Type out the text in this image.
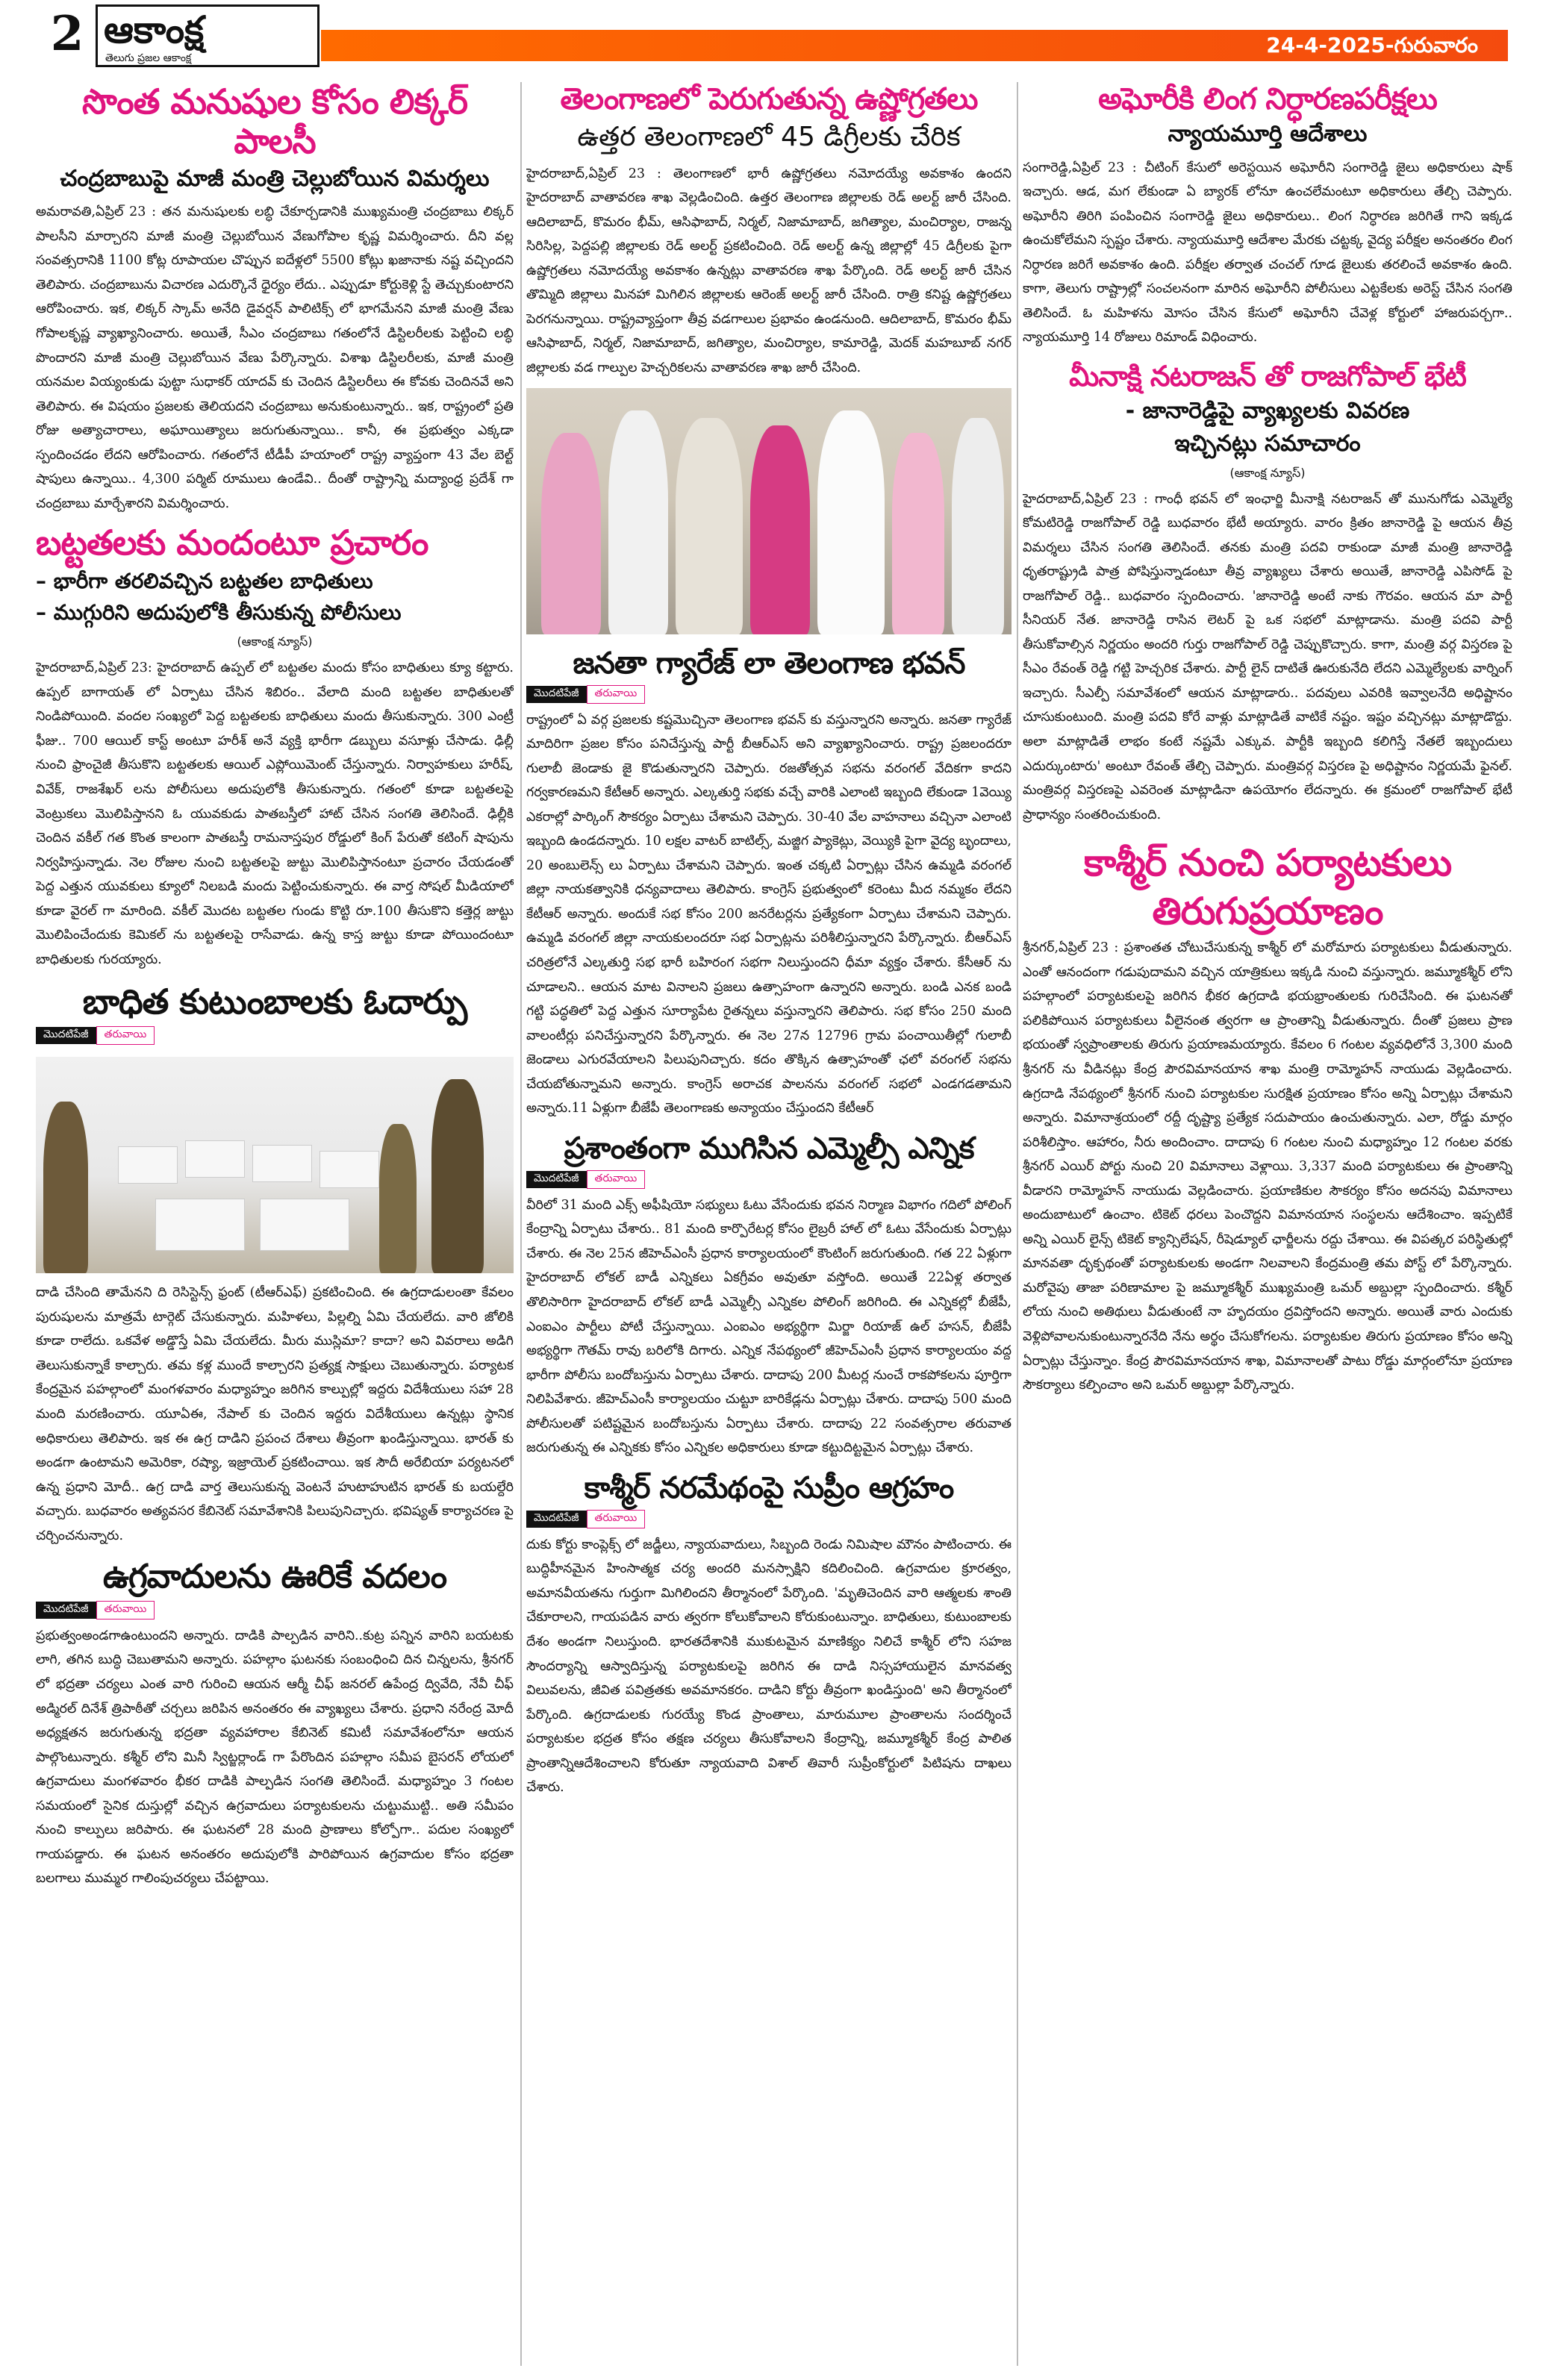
2 ఆకాంక్ష
తెలుగు ప్రజల ఆకాంక్ష
24-4-2025-గురువారం
సొంత మనుషుల కోసం లిక్కర్ పాలసీ
చంద్రబాబుపై మాజీ మంత్రి చెల్లుబోయిన విమర్శలు

అమరావతి,ఏప్రిల్ 23 : తన మనుషులకు లబ్ధి చేకూర్చడానికి ముఖ్యమంత్రి చంద్రబాబు లిక్కర్ పాలసీని మార్చారని మాజీ మంత్రి చెల్లుబోయిన వేణుగోపాల కృష్ణ విమర్శించారు. దీని వల్ల సంవత్సరానికి 1100 కోట్ల రూపాయల చొప్పున ఐదేళ్లలో 5500 కోట్లు ఖజానాకు నష్ట వచ్చిందని తెలిపారు. చంద్రబాబును విచారణ ఎదుర్కొనే ధైర్యం లేదు.. ఎప్పుడూ కోర్టుకెళ్లి స్టే తెచ్చుకుంటారని ఆరోపించారు. ఇక, లిక్కర్ స్కామ్ అనేది డైవర్షన్ పాలిటిక్స్ లో భాగమేనని మాజీ మంత్రి వేణు గోపాలకృష్ణ వ్యాఖ్యానించారు. అయితే, సీఎం చంద్రబాబు గతంలోనే డిస్టిలరీలకు పెట్టించి లబ్ధి పొందారని మాజీ మంత్రి చెల్లుబోయిన వేణు పేర్కొన్నారు. విశాఖ డిస్టిలరీలకు, మాజీ మంత్రి యనమల వియ్యంకుడు పుట్టా సుధాకర్ యాదవ్ కు చెందిన డిస్టిలరీలు ఈ కోవకు చెందినవే అని తెలిపారు. ఈ విషయం ప్రజలకు తెలియదని చంద్రబాబు అనుకుంటున్నారు.. ఇక, రాష్ట్రంలో ప్రతి రోజు అత్యాచారాలు, అఘాయిత్యాలు జరుగుతున్నాయి.. కానీ, ఈ ప్రభుత్వం ఎక్కడా స్పందించడం లేదని ఆరోపించారు. గతంలోనే టీడీపీ హయాంలో రాష్ట్ర వ్యాప్తంగా 43 వేల బెల్ట్ షాపులు ఉన్నాయి.. 4,300 పర్మిట్ రూములు ఉండేవి.. దీంతో రాష్ట్రాన్ని మద్యాంధ్ర ప్రదేశ్ గా చంద్రబాబు మార్చేశారని విమర్శించారు.

బట్టతలకు మందంటూ ప్రచారం
– భారీగా తరలివచ్చిన బట్టతల బాధితులు
– ముగ్గురిని అదుపులోకి తీసుకున్న పోలీసులు
(ఆకాంక్ష న్యూస్)

హైదరాబాద్,ఏప్రిల్ 23: హైదరాబాద్ ఉప్పల్ లో బట్టతల మందు కోసం బాధితులు క్యూ కట్టారు. ఉప్పల్ బాగాయత్ లో ఏర్పాటు చేసిన శిబిరం.. వేలాది మంది బట్టతల బాధితులతో నిండిపోయింది. వందల సంఖ్యలో పెద్ద బట్టతలకు బాధితులు మందు తీసుకున్నారు. 300 ఎంట్రీ ఫీజు.. 700 ఆయిల్ కాస్ట్ అంటూ హరీశ్ అనే వ్యక్తి భారీగా డబ్బులు వసూళ్లు చేసాడు. ఢిల్లీ నుంచి ఫ్రాంచైజీ తీసుకొని బట్టతలకు ఆయిల్ ఎప్లోయిమెంట్ చేస్తున్నారు. నిర్వాహకులు హరీష్, వివేక్, రాజశేఖర్ లను పోలీసులు అదుపులోకి తీసుకున్నారు. గతంలో కూడా బట్టతలపై వెంట్రుకలు మొలిపిస్తానని ఓ యువకుడు పాతబస్తీలో హాట్ చేసిన సంగతి తెలిసిందే. ఢిల్లీకి చెందిన వకీల్ గత కొంత కాలంగా పాతబస్తీ రామనాస్తపుర రోడ్డులో కింగ్ పేరుతో కటింగ్ షాపును నిర్వహిస్తున్నాడు. నెల రోజుల నుంచి బట్టతలపై జుట్టు మొలిపిస్తానంటూ ప్రచారం చేయడంతో పెద్ద ఎత్తున యువకులు క్యూలో నిలబడి మందు పెట్టించుకున్నారు. ఈ వార్త సోషల్ మీడియాలో కూడా వైరల్ గా మారింది. వకీల్ మొదట బట్టతల గుండు కొట్టి రూ.100 తీసుకొని కత్తెర్ల జుట్టు మొలిపించేందుకు కెమికల్ ను బట్టతలపై రాసేవాడు. ఉన్న కాస్త జుట్టు కూడా పోయిందంటూ బాధితులకు గురయ్యారు.

బాధిత కుటుంబాలకు ఓదార్పు
మొదటిపేజీ తరువాయి

దాడి చేసింది తామేనని ది రెసిస్టెన్స్ ఫ్రంట్ (టీఆర్ఎఫ్) ప్రకటించింది. ఈ ఉగ్రదాడులంతా కేవలం పురుషులను మాత్రమే టార్గెట్ చేసుకున్నారు. మహిళలు, పిల్లల్ని ఏమి చేయలేదు. వారి జోలికి కూడా రాలేదు. ఒకవేళ అడ్డొస్తే ఏమి చేయలేదు. మీరు ముస్లిమా? కాదా? అని వివరాలు అడిగి తెలుసుకున్నాకే కాల్చారు. తమ కళ్ల ముందే కాల్చారని ప్రత్యక్ష సాక్షులు చెబుతున్నారు. పర్యాటక కేంద్రమైన పహల్గాంలో మంగళవారం మధ్యాహ్నం జరిగిన కాల్పుల్లో ఇద్దరు విదేశీయులు సహా 28 మంది మరణించారు. యూఏఈ, నేపాల్ కు చెందిన ఇద్దరు విదేశీయులు ఉన్నట్లు స్థానిక అధికారులు తెలిపారు. ఇక ఈ ఉగ్ర దాడిని ప్రపంచ దేశాలు తీవ్రంగా ఖండిస్తున్నాయి. భారత్ కు అండగా ఉంటామని అమెరికా, రష్యా, ఇజ్రాయెల్ ప్రకటించాయి. ఇక సౌదీ అరేబియా పర్యటనలో ఉన్న ప్రధాని మోదీ.. ఉగ్ర దాడి వార్త తెలుసుకున్న వెంటనే హుటాహుటిన భారత్ కు బయల్దేరి వచ్చారు. బుధవారం అత్యవసర కేబినెట్ సమావేశానికి పిలుపునిచ్చారు. భవిష్యత్ కార్యాచరణ పై చర్చించనున్నారు.

ఉగ్రవాదులను ఊరికే వదలం
మొదటిపేజీ తరువాయి

ప్రభుత్వంఅండగాఉంటుందని అన్నారు. దాడికి పాల్పడిన వారిని..కుట్ర పన్నిన వారిని బయటకు లాగి, తగిన బుద్ధి చెబుతామని అన్నారు. పహల్గాం ఘటనకు సంబంధించి దిన చిన్నలను, శ్రీనగర్ లో భద్రతా చర్యలు ఎంత వారి గురించి ఆయన ఆర్మీ చీఫ్ జనరల్ ఉపేంద్ర ద్వివేది, నేవీ చీఫ్ అడ్మిరల్ దినేశ్ త్రిపాఠీతో చర్చలు జరిపిన అనంతరం ఈ వ్యాఖ్యలు చేశారు. ప్రధాని నరేంద్ర మోదీ అధ్యక్షతన జరుగుతున్న భద్రతా వ్యవహారాల కేబినెట్ కమిటీ సమావేశంలోనూ ఆయన పాల్గొంటున్నారు. కశ్మీర్ లోని మినీ స్విట్జర్లాండ్ గా పేరొందిన పహల్గాం సమీప బైసరన్ లోయలో ఉగ్రవాదులు మంగళవారం భీకర దాడికి పాల్పడిన సంగతి తెలిసిందే. మధ్యాహ్నం 3 గంటల సమయంలో సైనిక దుస్తుల్లో వచ్చిన ఉగ్రవాదులు పర్యాటకులను చుట్టుముట్టి.. అతి సమీపం నుంచి కాల్పులు జరిపారు. ఈ ఘటనలో 28 మంది ప్రాణాలు కోల్పోగా.. పదుల సంఖ్యలో గాయపడ్డారు. ఈ ఘటన అనంతరం అదుపులోకి పారిపోయిన ఉగ్రవాదుల కోసం భద్రతా బలగాలు ముమ్మర గాలింపుచర్యలు చేపట్టాయి.

తెలంగాణలో పెరుగుతున్న ఉష్ణోగ్రతలు
ఉత్తర తెలంగాణలో 45 డిగ్రీలకు చేరిక

హైదరాబాద్,ఏప్రిల్ 23 : తెలంగాణలో భారీ ఉష్ణోగ్రతలు నమోదయ్యే అవకాశం ఉందని హైదరాబాద్ వాతావరణ శాఖ వెల్లడించింది. ఉత్తర తెలంగాణ జిల్లాలకు రెడ్ అలర్ట్ జారీ చేసింది. ఆదిలాబాద్, కొమరం భీమ్, ఆసిఫాబాద్, నిర్మల్, నిజామాబాద్, జగిత్యాల, మంచిర్యాల, రాజన్న సిరిసిల్ల, పెద్దపల్లి జిల్లాలకు రెడ్ అలర్ట్ ప్రకటించింది. రెడ్ అలర్ట్ ఉన్న జిల్లాల్లో 45 డిగ్రీలకు పైగా ఉష్ణోగ్రతలు నమోదయ్యే అవకాశం ఉన్నట్లు వాతావరణ శాఖ పేర్కొంది. రెడ్ అలర్ట్ జారీ చేసిన తొమ్మిది జిల్లాలు మినహా మిగిలిన జిల్లాలకు ఆరెంజ్ అలర్ట్ జారీ చేసింది. రాత్రి కనిష్ట ఉష్ణోగ్రతలు పెరగనున్నాయి. రాష్ట్రవ్యాప్తంగా తీవ్ర వడగాలుల ప్రభావం ఉండనుంది. ఆదిలాబాద్, కొమరం భీమ్ ఆసిఫాబాద్, నిర్మల్, నిజామాబాద్, జగిత్యాల, మంచిర్యాల, కామారెడ్డి, మెదక్ మహబూబ్ నగర్ జిల్లాలకు వడ గాల్పుల హెచ్చరికలను వాతావరణ శాఖ జారీ చేసింది.

జనతా గ్యారేజ్ లా తెలంగాణ భవన్
మొదటిపేజీ తరువాయి

రాష్ట్రంలో ఏ వర్గ ప్రజలకు కష్టమొచ్చినా తెలంగాణ భవన్ కు వస్తున్నారని అన్నారు. జనతా గ్యారేజ్ మాదిరిగా ప్రజల కోసం పనిచేస్తున్న పార్టీ బీఆర్ఎస్ అని వ్యాఖ్యానించారు. రాష్ట్ర ప్రజలందరూ గులాబీ జెండాకు జై కొడుతున్నారని చెప్పారు. రజతోత్సవ సభను వరంగల్ వేదికగా కాదని గర్వకారణమని కేటీఆర్ అన్నారు. ఎల్కతుర్తి సభకు వచ్చే వారికి ఎలాంటి ఇబ్బంది లేకుండా 1వెయ్యి ఎకరాల్లో పార్కింగ్ సౌకర్యం ఏర్పాటు చేశామని చెప్పారు. 30-40 వేల వాహనాలు వచ్చినా ఎలాంటి ఇబ్బంది ఉండదన్నారు. 10 లక్షల వాటర్ బాటిల్స్, మజ్జిగ ప్యాకెట్లు, వెయ్యికి పైగా వైద్య బృందాలు, 20 అంబులెన్స్ లు ఏర్పాటు చేశామని చెప్పారు. ఇంత చక్కటి ఏర్పాట్లు చేసిన ఉమ్మడి వరంగల్ జిల్లా నాయకత్వానికి ధన్యవాదాలు తెలిపారు. కాంగ్రెస్ ప్రభుత్వంలో కరెంటు మీద నమ్మకం లేదని కేటీఆర్ అన్నారు. అందుకే సభ కోసం 200 జనరేటర్లను ప్రత్యేకంగా ఏర్పాటు చేశామని చెప్పారు. ఉమ్మడి వరంగల్ జిల్లా నాయకులందరూ సభ ఏర్పాట్లను పరిశీలిస్తున్నారని పేర్కొన్నారు. బీఆర్ఎస్ చరిత్రలోనే ఎల్కతుర్తి సభ భారీ బహిరంగ సభగా నిలుస్తుందని ధీమా వ్యక్తం చేశారు. కేసీఆర్ ను చూడాలని.. ఆయన మాట వినాలని ప్రజలు ఉత్సాహంగా ఉన్నారని అన్నారు. బండి ఎనక బండి గట్టి పద్ధతిలో పెద్ద ఎత్తున సూర్యాపేట రైతన్నలు వస్తున్నారని తెలిపారు. సభ కోసం 250 మంది వాలంటీర్లు పనిచేస్తున్నారని పేర్కొన్నారు. ఈ నెల 27న 12796 గ్రామ పంచాయితీల్లో గులాబీ జెండాలు ఎగురవేయాలని పిలుపునిచ్చారు. కదం తొక్కిన ఉత్సాహంతో ఛలో వరంగల్ సభను చేయబోతున్నామని అన్నారు. కాంగ్రెస్ అరాచక పాలనను వరంగల్ సభలో ఎండగడతామని అన్నారు.11 ఏళ్లుగా బీజేపీ తెలంగాణకు అన్యాయం చేస్తుందని కేటీఆర్

ప్రశాంతంగా ముగిసిన ఎమ్మెల్సీ ఎన్నిక
మొదటిపేజీ తరువాయి

వీరిలో 31 మంది ఎక్స్ అఫీషియో సభ్యులు ఓటు వేసేందుకు భవన నిర్మాణ విభాగం గదిలో పోలింగ్ కేంద్రాన్ని ఏర్పాటు చేశారు.. 81 మంది కార్పొరేటర్ల కోసం లైబ్రరీ హాల్ లో ఓటు వేసేందుకు ఏర్పాట్లు చేశారు. ఈ నెల 25న జీహెచ్ఎంసీ ప్రధాన కార్యాలయంలో కౌంటింగ్ జరుగుతుంది. గత 22 ఏళ్లుగా హైదరాబాద్ లోకల్ బాడీ ఎన్నికలు ఏకగ్రీవం అవుతూ వస్తోంది. అయితే 22ఏళ్ల తర్వాత తొలిసారిగా హైదరాబాద్ లోకల్ బాడీ ఎమ్మెల్సీ ఎన్నికల పోలింగ్ జరిగింది. ఈ ఎన్నికల్లో బీజేపీ, ఎంఐఎం పార్టీలు పోటీ చేస్తున్నాయి. ఎంఐఎం అభ్యర్థిగా మిర్జా రియాజ్ ఉల్ హసన్, బీజేపీ అభ్యర్థిగా గౌతమ్ రావు బరిలోకి దిగారు. ఎన్నిక నేపథ్యంలో జీహెచ్ఎంసీ ప్రధాన కార్యాలయం వద్ద భారీగా పోలీసు బందోబస్తును ఏర్పాటు చేశారు. దాదాపు 200 మీటర్ల నుంచే రాకపోకలను పూర్తిగా నిలిపివేశారు. జీహెచ్ఎంసీ కార్యాలయం చుట్టూ బారికేడ్లను ఏర్పాట్లు చేశారు. దాదాపు 500 మంది పోలీసులతో పటిష్టమైన బందోబస్తును ఏర్పాటు చేశారు. దాదాపు 22 సంవత్సరాల తరువాత జరుగుతున్న ఈ ఎన్నికకు కోసం ఎన్నికల అధికారులు కూడా కట్టుదిట్టమైన ఏర్పాట్లు చేశారు.

కాశ్మీర్ నరమేథంపై సుప్రీం ఆగ్రహం
మొదటిపేజీ తరువాయి

దుకు కోర్టు కాంప్లెక్స్ లో జడ్జీలు, న్యాయవాదులు, సిబ్బంది రెండు నిమిషాల మౌనం పాటించారు. ఈ బుద్ధిహీనమైన హింసాత్మక చర్య అందరి మనస్సాక్షిని కదిలించింది. ఉగ్రవాదుల క్రూరత్వం, అమానవీయతను గుర్తుగా మిగిలిందని తీర్మానంలో పేర్కొంది. 'మృతిచెందిన వారి ఆత్మలకు శాంతి చేకూరాలని, గాయపడిన వారు త్వరగా కోలుకోవాలని కోరుకుంటున్నాం. బాధితులు, కుటుంబాలకు దేశం అండగా నిలుస్తుంది. భారతదేశానికి ముకుటమైన మాణిక్యం నిలిచే కాశ్మీర్ లోని సహజ సౌందర్యాన్ని ఆస్వాదిస్తున్న పర్యాటకులపై జరిగిన ఈ దాడి నిస్సహాయులైన మానవత్వ విలువలను, జీవిత పవిత్రతకు అవమానకరం. దాడిని కోర్టు తీవ్రంగా ఖండిస్తుంది' అని తీర్మానంలో పేర్కొంది. ఉగ్రదాడులకు గురయ్యే కొండ ప్రాంతాలు, మారుమూల ప్రాంతాలను సందర్శించే పర్యాటకుల భద్రత కోసం తక్షణ చర్యలు తీసుకోవాలని కేంద్రాన్ని, జమ్మూకశ్మీర్ కేంద్ర పాలిత ప్రాంతాన్నిఆదేశించాలని కోరుతూ న్యాయవాది విశాల్ తివారీ సుప్రీంకోర్టులో పిటిషను దాఖలు చేశారు.

అఘోరీకి లింగ నిర్ధారణపరీక్షలు
న్యాయమూర్తి ఆదేశాలు

సంగారెడ్డి,ఏప్రిల్ 23 : చీటింగ్ కేసులో అరెస్టయిన అఘోరీని సంగారెడ్డి జైలు అధికారులు షాక్ ఇచ్చారు. ఆడ, మగ లేకుండా ఏ బ్యారక్ లోనూ ఉంచలేమంటూ అధికారులు తేల్చి చెప్పారు. అఘోరీని తిరిగి పంపించిన సంగారెడ్డి జైలు అధికారులు.. లింగ నిర్ధారణ జరిగితే గాని ఇక్కడ ఉంచుకోలేమని స్పష్టం చేశారు. న్యాయమూర్తి ఆదేశాల మేరకు చట్టక్క వైద్య పరీక్షల అనంతరం లింగ నిర్ధారణ జరిగే అవకాశం ఉంది. పరీక్షల తర్వాత చంచల్ గూడ జైలుకు తరలించే అవకాశం ఉంది. కాగా, తెలుగు రాష్ట్రాల్లో సంచలనంగా మారిన అఘోరీని పోలీసులు ఎట్టకేలకు అరెస్ట్ చేసిన సంగతి తెలిసిందే. ఓ మహిళను మోసం చేసిన కేసులో అఘోరీని చేవెళ్ల కోర్టులో హాజరుపర్చగా.. న్యాయమూర్తి 14 రోజులు రిమాండ్ విధించారు.

మీనాక్షి నటరాజన్ తో రాజగోపాల్ భేటీ
- జానారెడ్డిపై వ్యాఖ్యలకు వివరణ
ఇచ్చినట్లు సమాచారం
(ఆకాంక్ష న్యూస్)

హైదరాబాద్,ఏప్రిల్ 23 : గాంధీ భవన్ లో ఇంఛార్జి మీనాక్షి నటరాజన్ తో మునుగోడు ఎమ్మెల్యే కోమటిరెడ్డి రాజగోపాల్ రెడ్డి బుధవారం భేటీ అయ్యారు. వారం క్రితం జానారెడ్డి పై ఆయన తీవ్ర విమర్శలు చేసిన సంగతి తెలిసిందే. తనకు మంత్రి పదవి రాకుండా మాజీ మంత్రి జానారెడ్డి ధృతరాష్ట్రుడి పాత్ర పోషిస్తున్నాడంటూ తీవ్ర వ్యాఖ్యలు చేశారు అయితే, జానారెడ్డి ఎపిసోడ్ పై రాజగోపాల్ రెడ్డి.. బుధవారం స్పందించారు. 'జానారెడ్డి అంటే నాకు గౌరవం. ఆయన మా పార్టీ సీనియర్ నేత. జానారెడ్డి రాసిన లెటర్ పై ఒక సభలో మాట్లాడాను. మంత్రి పదవి పార్టీ తీసుకోవాల్సిన నిర్ణయం అందరి గుర్తు రాజగోపాల్ రెడ్డి చెప్పుకొచ్చారు. కాగా, మంత్రి వర్గ విస్తరణ పై సీఎం రేవంత్ రెడ్డి గట్టి హెచ్చరిక చేశారు. పార్టీ లైన్ దాటితే ఊరుకునేది లేదని ఎమ్మెల్యేలకు వార్నింగ్ ఇచ్చారు. సీఎల్పీ సమావేశంలో ఆయన మాట్లాడారు.. పదవులు ఎవరికి ఇవ్వాలనేది అధిష్టానం చూసుకుంటుంది. మంత్రి పదవి కోరే వాళ్లు మాట్లాడితే వాటికే నష్టం. ఇష్టం వచ్చినట్లు మాట్లాడొద్దు. అలా మాట్లాడితే లాభం కంటే నష్టమే ఎక్కువ. పార్టీకి ఇబ్బంది కలిగిస్తే నేతలే ఇబ్బందులు ఎదుర్కుంటారు' అంటూ రేవంత్ తేల్చి చెప్పారు. మంత్రివర్గ విస్తరణ పై అధిష్టానం నిర్ణయమే ఫైనల్. మంత్రివర్గ విస్తరణపై ఎవరెంత మాట్లాడినా ఉపయోగం లేదన్నారు. ఈ క్రమంలో రాజగోపాల్ భేటీ ప్రాధాన్యం సంతరించుకుంది.

కాశ్మీర్ నుంచి పర్యాటకులు తిరుగుప్రయాణం

శ్రీనగర్,ఏప్రిల్ 23 : ప్రశాంతత చోటుచేసుకున్న కాశ్మీర్ లో మరోమారు పర్యాటకులు వీడుతున్నారు. ఎంతో ఆనందంగా గడుపుదామని వచ్చిన యాత్రికులు ఇక్కడి నుంచి వస్తున్నారు. జమ్మూకశ్మీర్ లోని పహల్గాంలో పర్యాటకులపై జరిగిన భీకర ఉగ్రదాడి భయభ్రాంతులకు గురిచేసింది. ఈ ఘటనతో పలికిపోయిన పర్యాటకులు వీలైనంత త్వరగా ఆ ప్రాంతాన్ని వీడుతున్నారు. దీంతో ప్రజలు ప్రాణ భయంతో స్వప్రాంతాలకు తిరుగు ప్రయాణమయ్యారు. కేవలం 6 గంటల వ్యవధిలోనే 3,300 మంది శ్రీనగర్ ను వీడినట్లు కేంద్ర పౌరవిమానయాన శాఖ మంత్రి రామ్మోహన్ నాయుడు వెల్లడించారు. ఉగ్రదాడి నేపథ్యంలో శ్రీనగర్ నుంచి పర్యాటకుల సురక్షిత ప్రయాణం కోసం అన్ని ఏర్పాట్లు చేశామని అన్నారు. విమానాశ్రయంలో రద్దీ దృష్ట్యా ప్రత్యేక సదుపాయం ఉంచుతున్నారు. ఎలా, రోడ్డు మార్గం పరిశీలిస్తాం. ఆహారం, నీరు అందించాం. దాదాపు 6 గంటల నుంచి మధ్యాహ్నం 12 గంటల వరకు శ్రీనగర్ ఎయిర్ పోర్టు నుంచి 20 విమానాలు వెళ్లాయి. 3,337 మంది పర్యాటకులు ఈ ప్రాంతాన్ని వీడారని రామ్మోహన్ నాయుడు వెల్లడించారు. ప్రయాణికుల సౌకర్యం కోసం అదనపు విమానాలు అందుబాటులో ఉంచాం. టికెట్ ధరలు పెంచొద్దని విమానయాన సంస్థలను ఆదేశించాం. ఇప్పటికే అన్ని ఎయిర్ లైన్స్ టికెట్ క్యాన్సిలేషన్, రీషెడ్యూల్ ఛార్జీలను రద్దు చేశాయి. ఈ విపత్కర పరిస్థితుల్లో మానవతా దృక్పథంతో పర్యాటకులకు అండగా నిలవాలని కేంద్రమంత్రి తమ పోస్ట్ లో పేర్కొన్నారు. మరోవైపు తాజా పరిణామాల పై జమ్మూకశ్మీర్ ముఖ్యమంత్రి ఒమర్ అబ్దుల్లా స్పందించారు. కశ్మీర్ లోయ నుంచి అతిథులు వీడుతుంటే నా హృదయం ద్రవిస్తోందని అన్నారు. అయితే వారు ఎందుకు వెళ్లిపోవాలనుకుంటున్నారనేది నేను అర్థం చేసుకోగలను. పర్యాటకుల తిరుగు ప్రయాణం కోసం అన్ని ఏర్పాట్లు చేస్తున్నాం. కేంద్ర పౌరవిమానయాన శాఖ, విమానాలతో పాటు రోడ్డు మార్గంలోనూ ప్రయాణ సౌకర్యాలు కల్పించాం అని ఒమర్ అబ్దుల్లా పేర్కొన్నారు.
